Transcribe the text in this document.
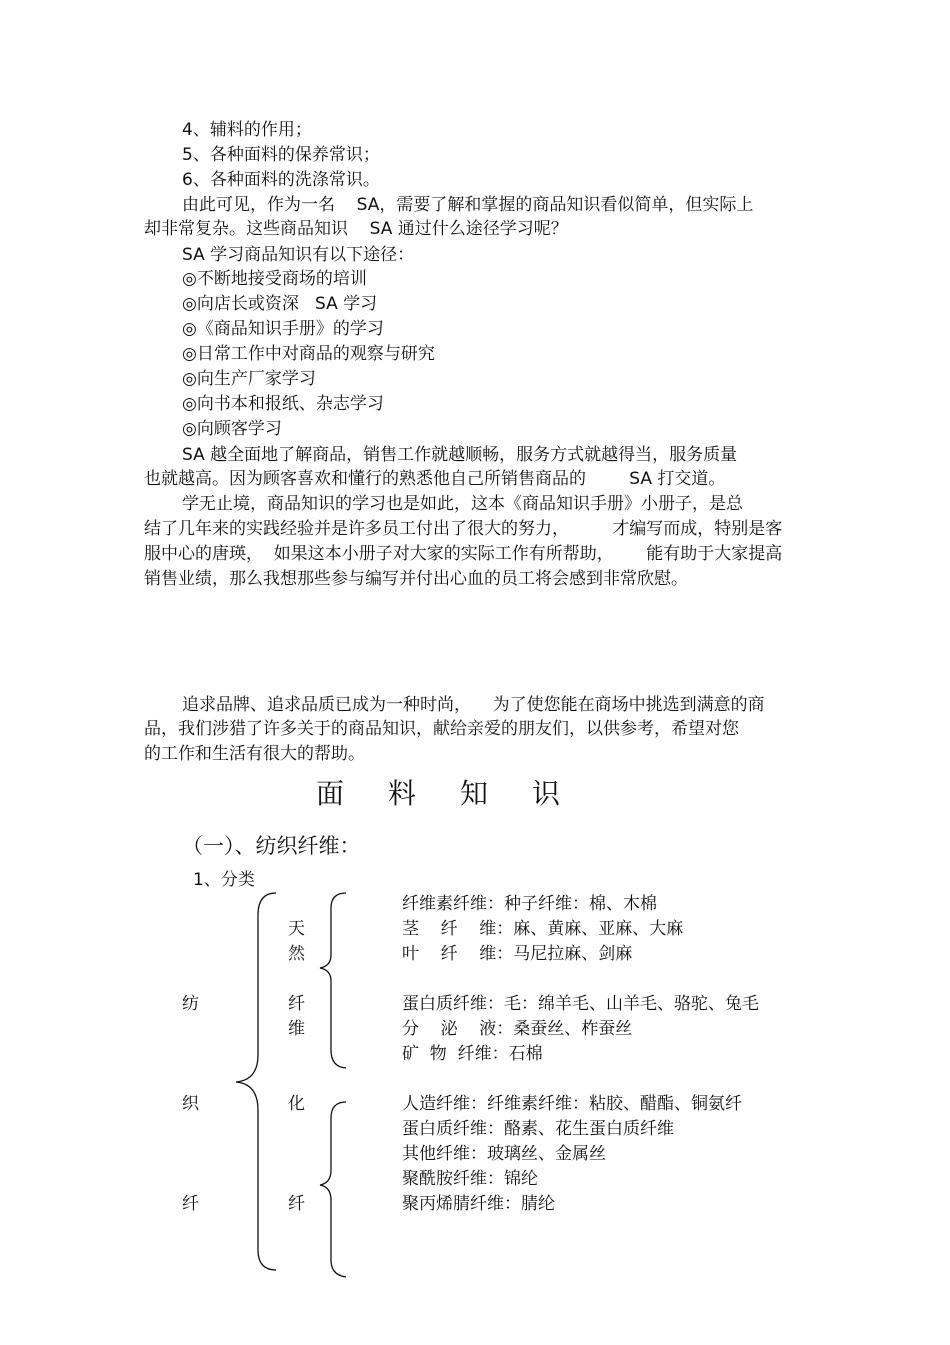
4、辅料的作用；
5、各种面料的保养常识；
6、各种面料的洗涤常识。
由此可见，作为一名    SA，需要了解和掌握的商品知识看似简单，但实际上
却非常复杂。这些商品知识    SA 通过什么途径学习呢？
SA 学习商品知识有以下途径：
◎不断地接受商场的培训
◎向店长或资深   SA 学习
◎《商品知识手册》的学习
◎日常工作中对商品的观察与研究
◎向生产厂家学习
◎向书本和报纸、杂志学习
◎向顾客学习
SA 越全面地了解商品，销售工作就越顺畅，服务方式就越得当，服务质量
也就越高。因为顾客喜欢和懂行的熟悉他自己所销售商品的        SA 打交道。
学无止境，商品知识的学习也是如此，这本《商品知识手册》小册子，是总
结了几年来的实践经验并是许多员工付出了很大的努力，        才编写而成，特别是客
服中心的唐瑛，  如果这本小册子对大家的实际工作有所帮助，      能有助于大家提高
销售业绩，那么我想那些参与编写并付出心血的员工将会感到非常欣慰。
追求品牌、追求品质已成为一种时尚，    为了使您能在商场中挑选到满意的商
品，我们涉猎了许多关于的商品知识，献给亲爱的朋友们，以供参考，希望对您
的工作和生活有很大的帮助。
面 料 知 识
（一）、纺织纤维：
1、分类
纺
织
纤
天
然
纤
维
化
纤
纤维素纤维：种子纤维：棉、木棉
茎    纤    维：麻、黄麻、亚麻、大麻
叶    纤    维：马尼拉麻、剑麻
蛋白质纤维：毛：绵羊毛、山羊毛、骆驼、兔毛
分    泌    液：桑蚕丝、柞蚕丝
矿  物  纤维：石棉
人造纤维：纤维素纤维：粘胶、醋酯、铜氨纤
蛋白质纤维：酪素、花生蛋白质纤维
其他纤维：玻璃丝、金属丝
聚酰胺纤维：锦纶
聚丙烯腈纤维：腈纶
